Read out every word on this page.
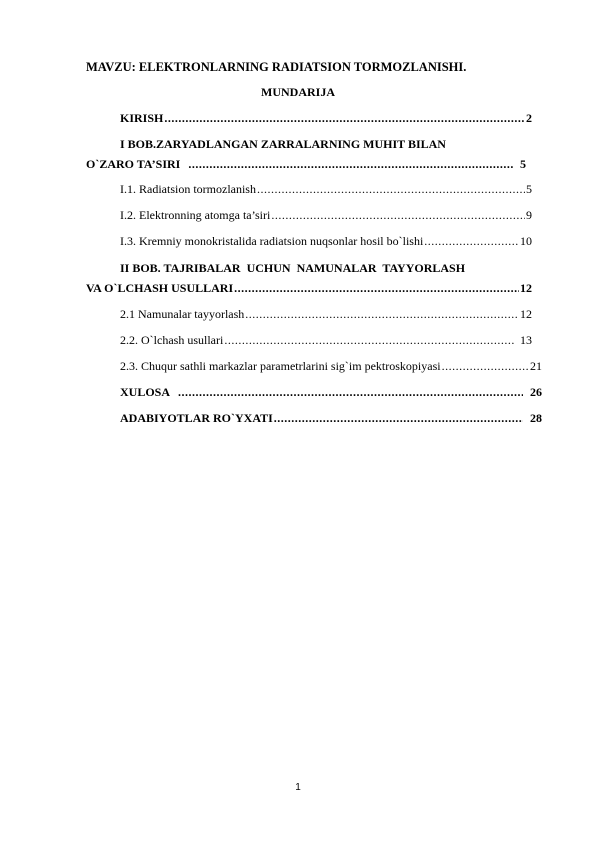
MAVZU: ELEKTRONLARNING RADIATSION TORMOZLANISHI.
MUNDARIJA
KIRISH .....	2
I BOB.ZARYADLANGAN ZARRALARNING MUHIT BILAN
O`ZARO TA’SIRI .....	5
I.1. Radiatsion tormozlanish .....	5
I.2. Elektronning atomga ta’siri .....	9
I.3. Kremniy monokristalida radiatsion nuqsonlar hosil bo`lishi .....	10
II BOB. TAJRIBALAR  UCHUN  NAMUNALAR  TAYYORLASH
VA O`LCHASH USULLARI .....	12
2.1 Namunalar tayyorlash .....	12
2.2. O`lchash usullari .....	13
2.3. Chuqur sathli markazlar parametrlarini sig`im pektroskopiyasi .....	21
XULOSA .....	26
ADABIYOTLAR RO`YXATI .....	28
1
